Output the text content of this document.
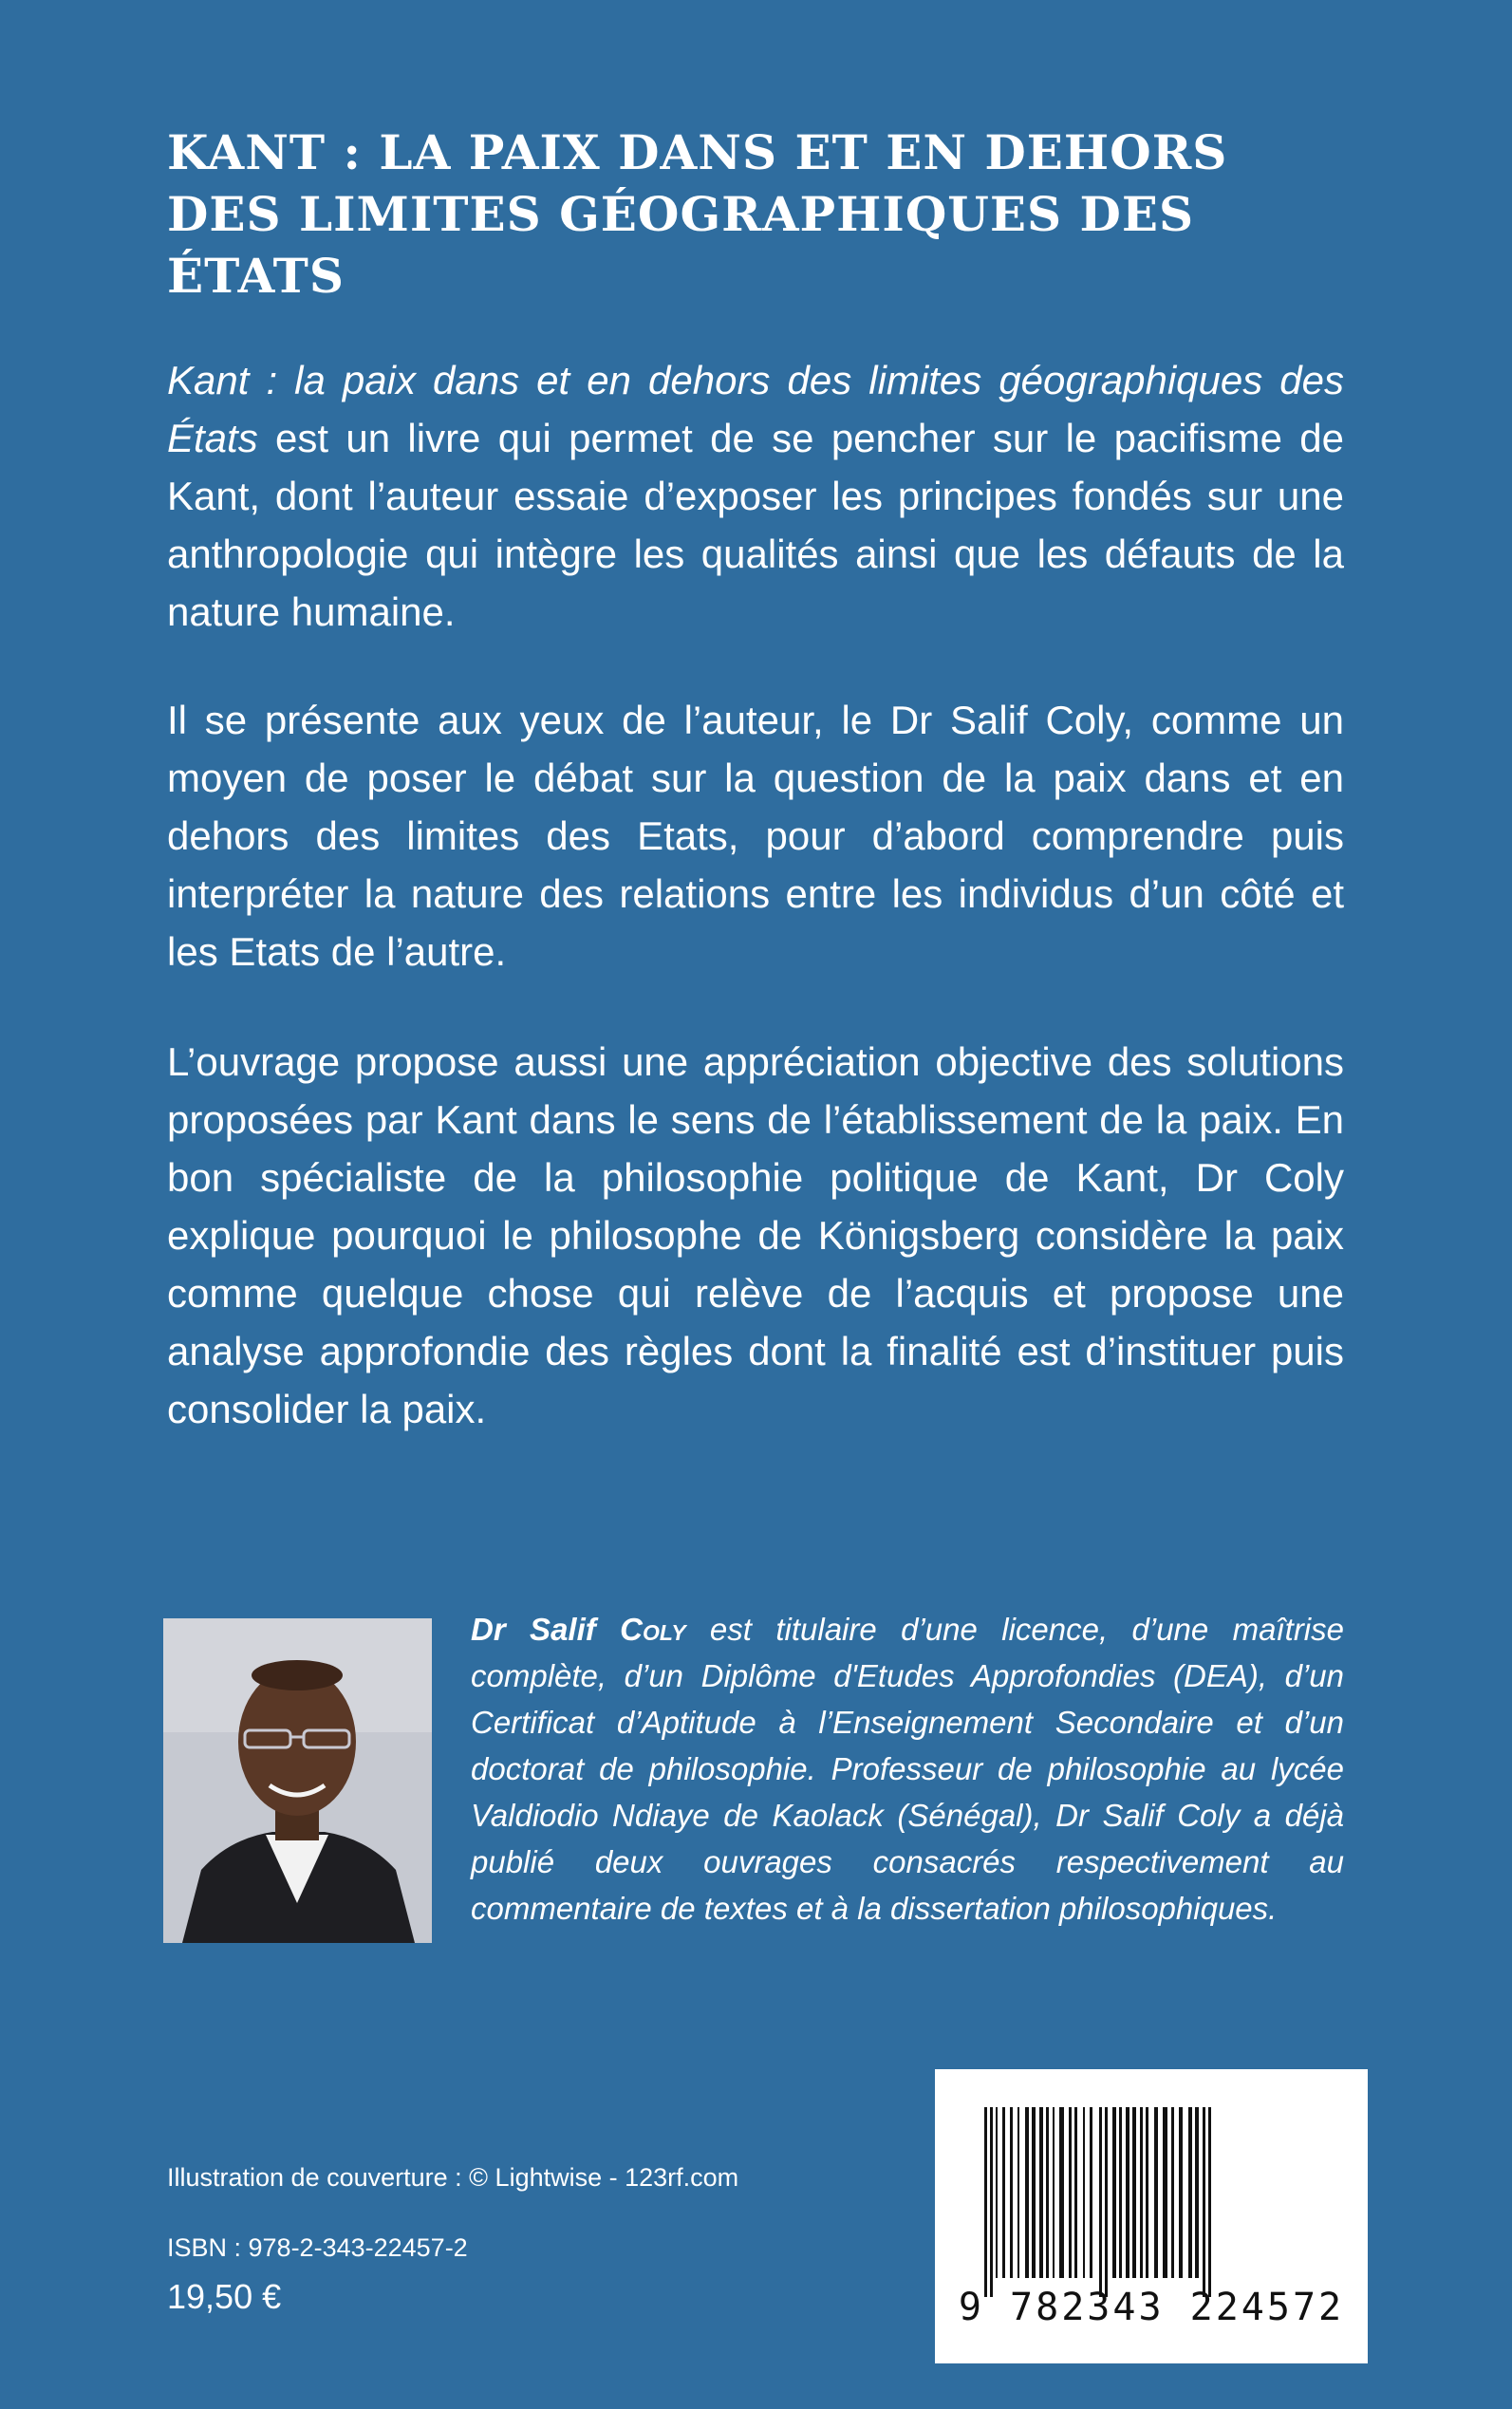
KANT : LA PAIX DANS ET EN DEHORS
DES LIMITES GÉOGRAPHIQUES DES ÉTATS

Kant : la paix dans et en dehors des limites géographiques des États est un livre qui permet de se pencher sur le pacifisme de Kant, dont l’auteur essaie d’exposer les principes fondés sur une anthropologie qui intègre les qualités ainsi que les défauts de la nature humaine.

Il se présente aux yeux de l’auteur, le Dr Salif Coly, comme un moyen de poser le débat sur la question de la paix dans et en dehors des limites des Etats, pour d’abord comprendre puis interpréter la nature des relations entre les individus d’un côté et les Etats de l’autre.

L’ouvrage propose aussi une appréciation objective des solutions proposées par Kant dans le sens de l’établissement de la paix. En bon spécialiste de la philosophie politique de Kant, Dr Coly explique pourquoi le philosophe de Königsberg considère la paix comme quelque chose qui relève de l’acquis et propose une analyse approfondie des règles dont la finalité est d’instituer puis consolider la paix.

Dr Salif Coly est titulaire d’une licence, d’une maîtrise complète, d’un Diplôme d'Etudes Approfondies (DEA), d’un Certificat d’Aptitude à l’Enseignement Secondaire et d’un doctorat de philosophie. Professeur de philosophie au lycée Valdiodio Ndiaye de Kaolack (Sénégal), Dr Salif Coly a déjà publié deux ouvrages consacrés respectivement au commentaire de textes et à la dissertation philosophiques.

Illustration de couverture : © Lightwise - 123rf.com
ISBN : 978-2-343-22457-2
19,50 €	9 782343 224572
